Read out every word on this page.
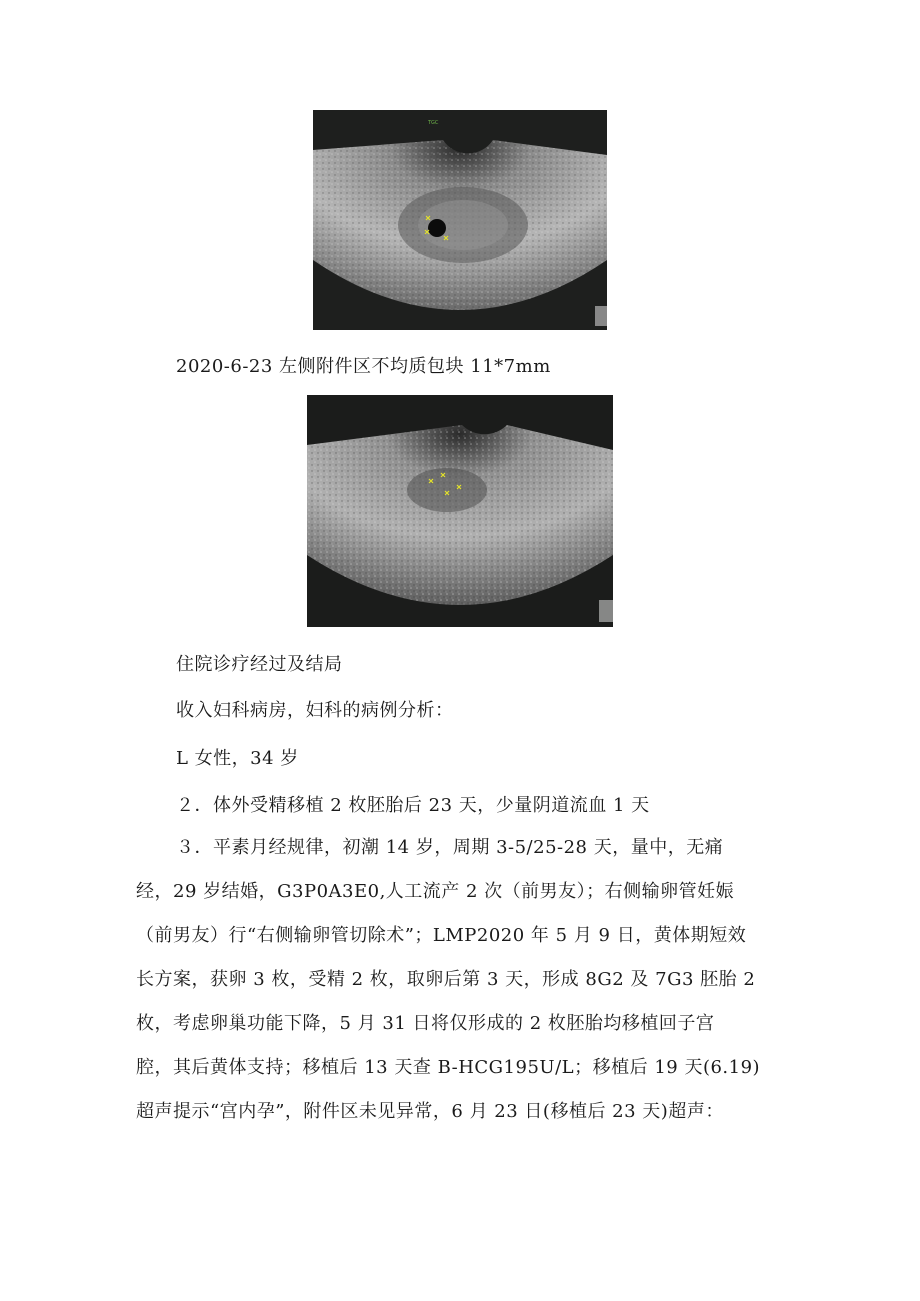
TGC
2020-6-23 左侧附件区不均质包块 11*7mm
住院诊疗经过及结局
收入妇科病房，妇科的病例分析：
L 女性，34 岁
２．体外受精移植 2 枚胚胎后 23 天，少量阴道流血 1 天
３．平素月经规律，初潮 14 岁，周期 3-5/25-28 天，量中，无痛
经，29 岁结婚，G3P0A3E0,人工流产 2 次（前男友）；右侧输卵管妊娠
（前男友）行“右侧输卵管切除术”；LMP2020 年 5 月 9 日，黄体期短效
长方案，获卵 3 枚，受精 2 枚，取卵后第 3 天，形成 8G2 及 7G3 胚胎 2
枚，考虑卵巢功能下降，5 月 31 日将仅形成的 2 枚胚胎均移植回子宫
腔，其后黄体支持；移植后 13 天查 B-HCG195U/L；移植后 19 天(6.19)
超声提示“宫内孕”，附件区未见异常，6 月 23 日(移植后 23 天)超声：
